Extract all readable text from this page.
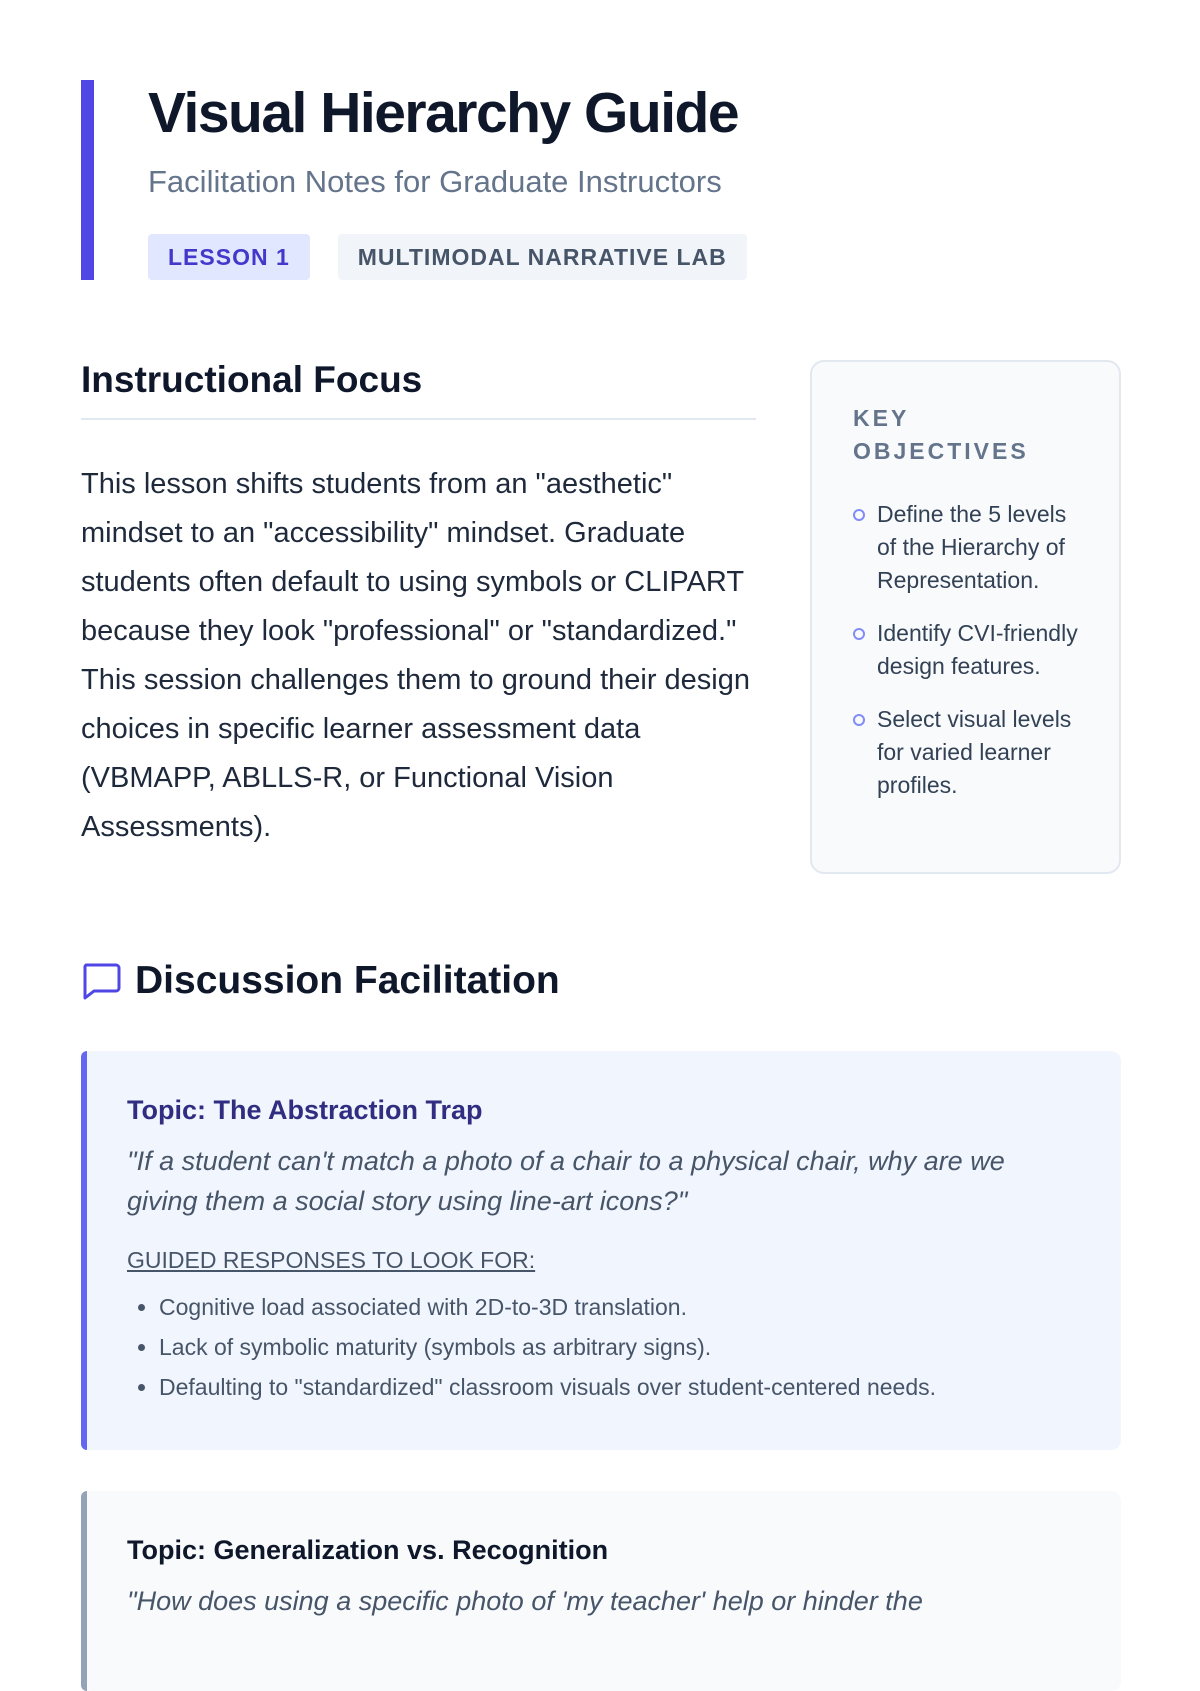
Visual Hierarchy Guide

Facilitation Notes for Graduate Instructors

LESSON 1	MULTIMODAL NARRATIVE LAB
Instructional Focus

This lesson shifts students from an "aesthetic" mindset to an "accessibility" mindset. Graduate students often default to using symbols or CLIPART because they look "professional" or "standardized." This session challenges them to ground their design choices in specific learner assessment data (VBMAPP, ABLLS-R, or Functional Vision Assessments).

KEY OBJECTIVES
Define the 5 levels of the Hierarchy of Representation.
Identify CVI-friendly design features.
Select visual levels for varied learner profiles.
Discussion Facilitation
Topic: The Abstraction Trap

"If a student can't match a photo of a chair to a physical chair, why are we giving them a social story using line-art icons?"

GUIDED RESPONSES TO LOOK FOR:

• Cognitive load associated with 2D-to-3D translation.
• Lack of symbolic maturity (symbols as arbitrary signs).
• Defaulting to "standardized" classroom visuals over student-centered needs.
Topic: Generalization vs. Recognition

"How does using a specific photo of 'my teacher' help or hinder the
